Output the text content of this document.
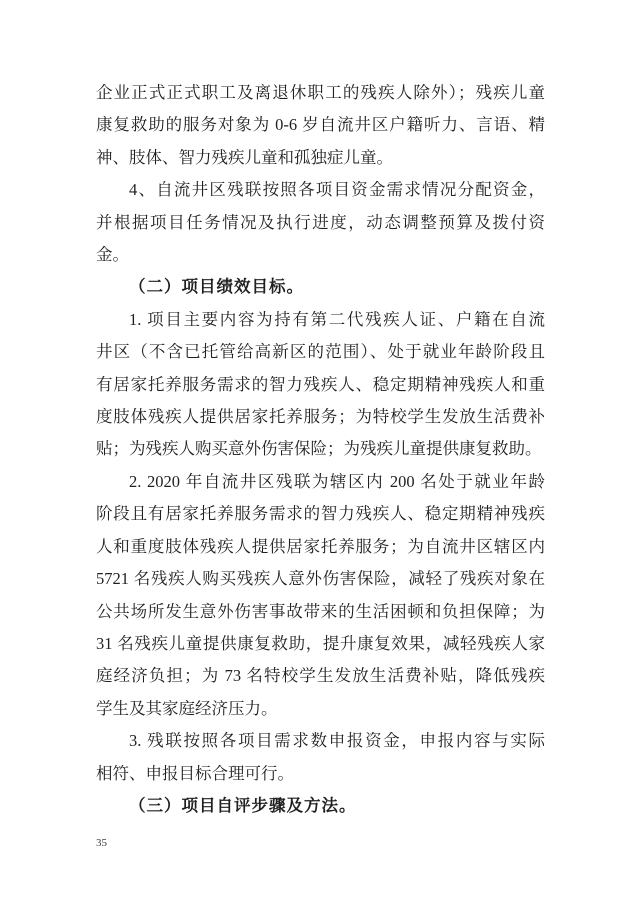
企业正式正式职工及离退休职工的残疾人除外）；残疾儿童
康复救助的服务对象为 0-6 岁自流井区户籍听力、言语、精
神、肢体、智力残疾儿童和孤独症儿童。
4、自流井区残联按照各项目资金需求情况分配资金，
并根据项目任务情况及执行进度，动态调整预算及拨付资
金。
（二）项目绩效目标。
1. 项目主要内容为持有第二代残疾人证、户籍在自流
井区（不含已托管给高新区的范围）、处于就业年龄阶段且
有居家托养服务需求的智力残疾人、稳定期精神残疾人和重
度肢体残疾人提供居家托养服务；为特校学生发放生活费补
贴；为残疾人购买意外伤害保险；为残疾儿童提供康复救助。
2. 2020 年自流井区残联为辖区内 200 名处于就业年龄
阶段且有居家托养服务需求的智力残疾人、稳定期精神残疾
人和重度肢体残疾人提供居家托养服务；为自流井区辖区内
5721 名残疾人购买残疾人意外伤害保险，减轻了残疾对象在
公共场所发生意外伤害事故带来的生活困顿和负担保障；为
31 名残疾儿童提供康复救助，提升康复效果，减轻残疾人家
庭经济负担；为 73 名特校学生发放生活费补贴，降低残疾
学生及其家庭经济压力。
3. 残联按照各项目需求数申报资金，申报内容与实际
相符、申报目标合理可行。
（三）项目自评步骤及方法。
35
